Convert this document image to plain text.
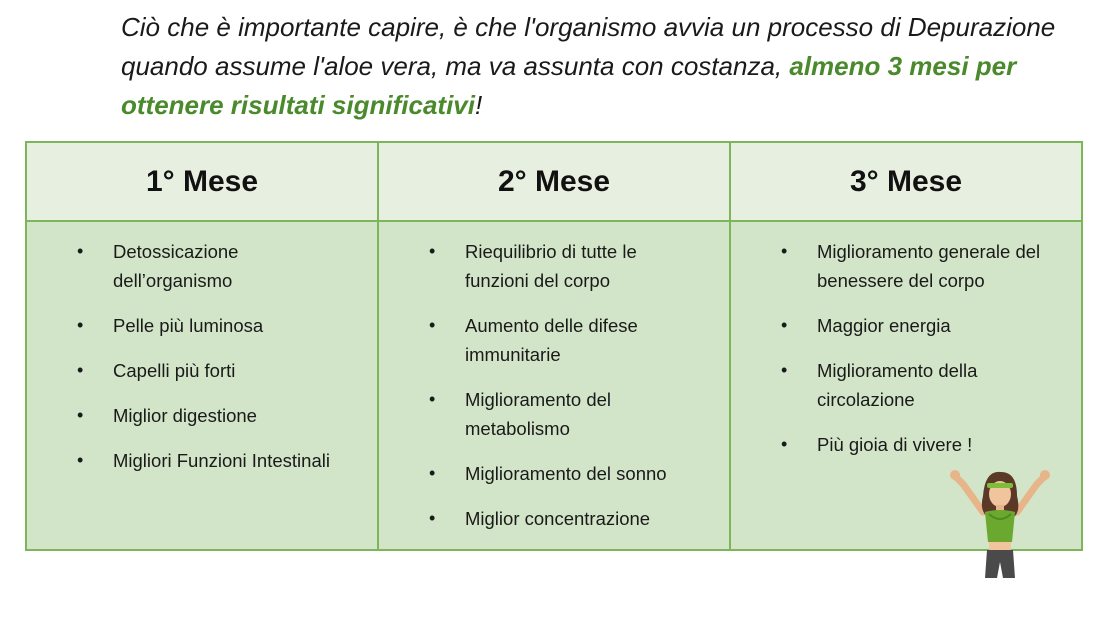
Ciò che è importante capire, è che l'organismo avvia un processo di Depurazione quando assume l'aloe vera, ma va assunta con costanza, almeno 3 mesi per ottenere risultati significativi!

1° Mese	2° Mese	3° Mese
• Detossicazione dell’organismo
• Pelle più luminosa
• Capelli più forti
• Miglior digestione
• Migliori Funzioni Intestinali
• Riequilibrio di tutte le funzioni del corpo
• Aumento delle difese immunitarie
• Miglioramento del metabolismo
• Miglioramento del sonno
• Miglior concentrazione
• Miglioramento generale del benessere del corpo
• Maggior energia
• Miglioramento della circolazione
• Più gioia di vivere !
